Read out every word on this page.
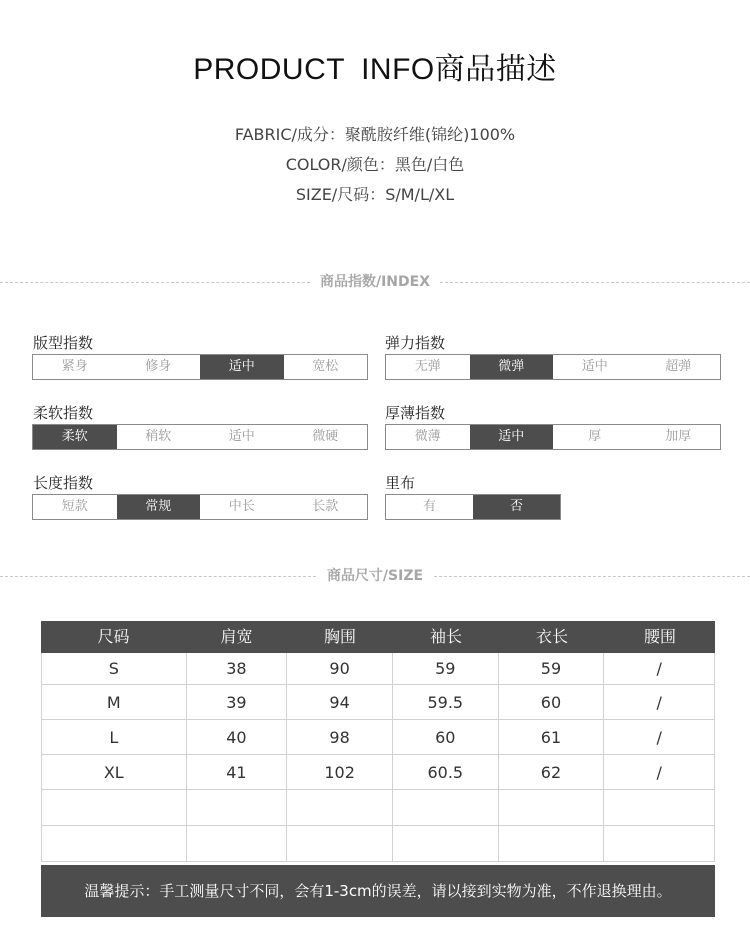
PRODUCT INFO商品描述
FABRIC/成分：聚酰胺纤维(锦纶)100%
COLOR/颜色：黑色/白色
SIZE/尺码：S/M/L/XL
商品指数/INDEX
版型指数
紧身	修身	适中	宽松
弹力指数
无弹	微弹	适中	超弹
柔软指数
柔软	稍软	适中	微硬
厚薄指数
微薄	适中	厚	加厚
长度指数
短款	常规	中长	长款
里布
有	否
商品尺寸/SIZE
尺码	肩宽	胸围	袖长	衣长	腰围
S	38	90	59	59	/
M	39	94	59.5	60	/
L	40	98	60	61	/
XL	41	102	60.5	62	/
温馨提示：手工测量尺寸不同，会有1-3cm的误差，请以接到实物为准，不作退换理由。
